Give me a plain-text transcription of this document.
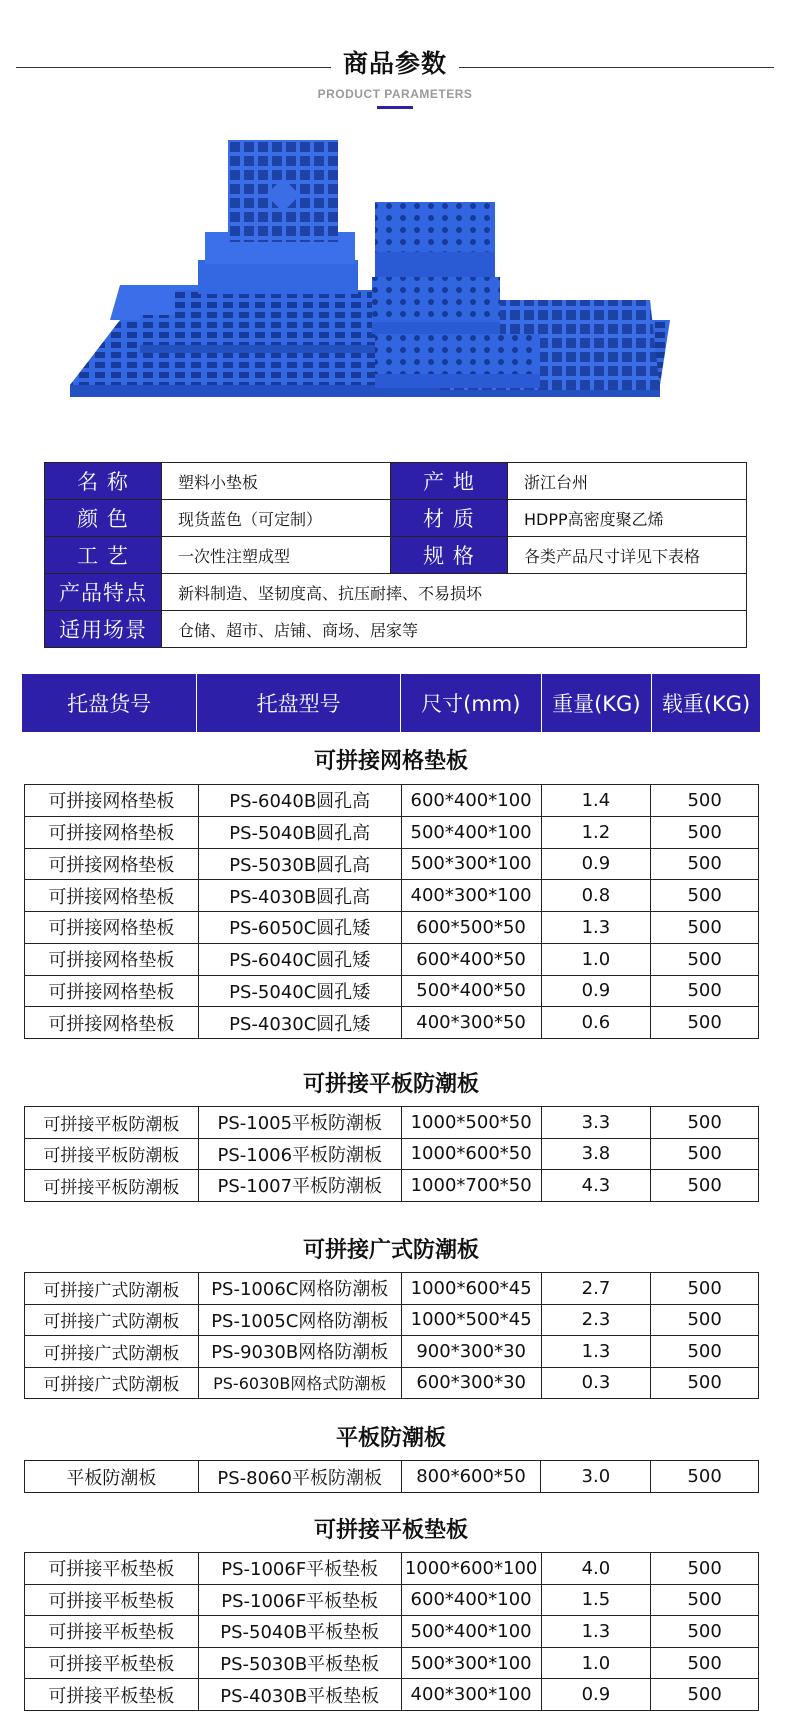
商品参数
PRODUCT PARAMETERS
名 称	塑料小垫板	产 地	浙江台州
颜 色	现货蓝色（可定制）	材 质	HDPP高密度聚乙烯
工 艺	一次性注塑成型	规 格	各类产品尺寸详见下表格
产品特点	新料制造、坚韧度高、抗压耐摔、不易损坏		
适用场景	仓储、超市、店铺、商场、居家等		
托盘货号	托盘型号	尺寸(mm)	重量(KG)	载重(KG)
可拼接网格垫板
可拼接网格垫板	PS-6040B圆孔高	600*400*100	1.4	500
可拼接网格垫板	PS-5040B圆孔高	500*400*100	1.2	500
可拼接网格垫板	PS-5030B圆孔高	500*300*100	0.9	500
可拼接网格垫板	PS-4030B圆孔高	400*300*100	0.8	500
可拼接网格垫板	PS-6050C圆孔矮	600*500*50	1.3	500
可拼接网格垫板	PS-6040C圆孔矮	600*400*50	1.0	500
可拼接网格垫板	PS-5040C圆孔矮	500*400*50	0.9	500
可拼接网格垫板	PS-4030C圆孔矮	400*300*50	0.6	500
可拼接平板防潮板
可拼接平板防潮板	PS-1005平板防潮板	1000*500*50	3.3	500
可拼接平板防潮板	PS-1006平板防潮板	1000*600*50	3.8	500
可拼接平板防潮板	PS-1007平板防潮板	1000*700*50	4.3	500
可拼接广式防潮板
可拼接广式防潮板	PS-1006C网格防潮板	1000*600*45	2.7	500
可拼接广式防潮板	PS-1005C网格防潮板	1000*500*45	2.3	500
可拼接广式防潮板	PS-9030B网格防潮板	900*300*30	1.3	500
可拼接广式防潮板	PS-6030B网格式防潮板	600*300*30	0.3	500
平板防潮板
平板防潮板	PS-8060平板防潮板	800*600*50	3.0	500
可拼接平板垫板
可拼接平板垫板	PS-1006F平板垫板	1000*600*100	4.0	500
可拼接平板垫板	PS-1006F平板垫板	600*400*100	1.5	500
可拼接平板垫板	PS-5040B平板垫板	500*400*100	1.3	500
可拼接平板垫板	PS-5030B平板垫板	500*300*100	1.0	500
可拼接平板垫板	PS-4030B平板垫板	400*300*100	0.9	500
